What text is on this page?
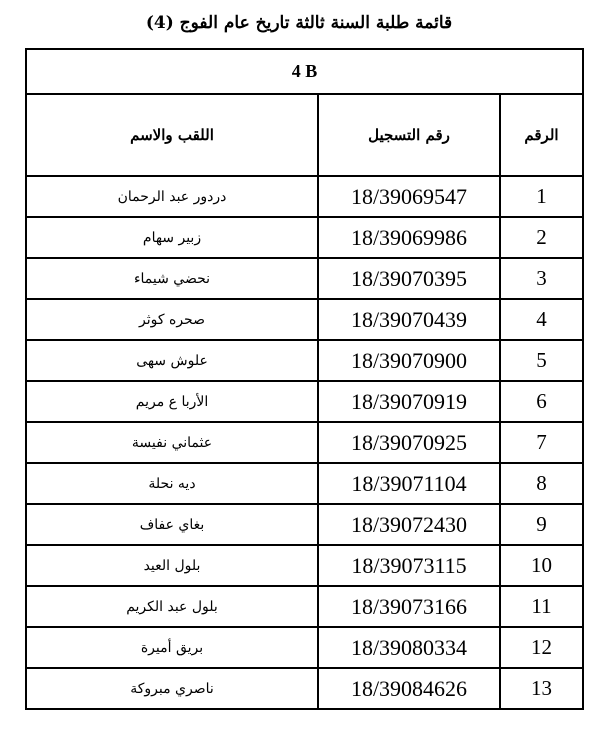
قائمة طلبة السنة ثالثة تاريخ عام الفوج (4)
4 B		
الرقم	رقم التسجيل	اللقب والاسم
1	18/39069547	دردور عبد الرحمان
2	18/39069986	زبير سهام
3	18/39070395	نحضي شيماء
4	18/39070439	صحره كوثر
5	18/39070900	علوش سهى
6	18/39070919	الأربا ع مريم
7	18/39070925	عثماني نفيسة
8	18/39071104	ديه نحلة
9	18/39072430	بغاي عفاف
10	18/39073115	بلول العيد
11	18/39073166	بلول عبد الكريم
12	18/39080334	بريق أميرة
13	18/39084626	ناصري مبروكة
